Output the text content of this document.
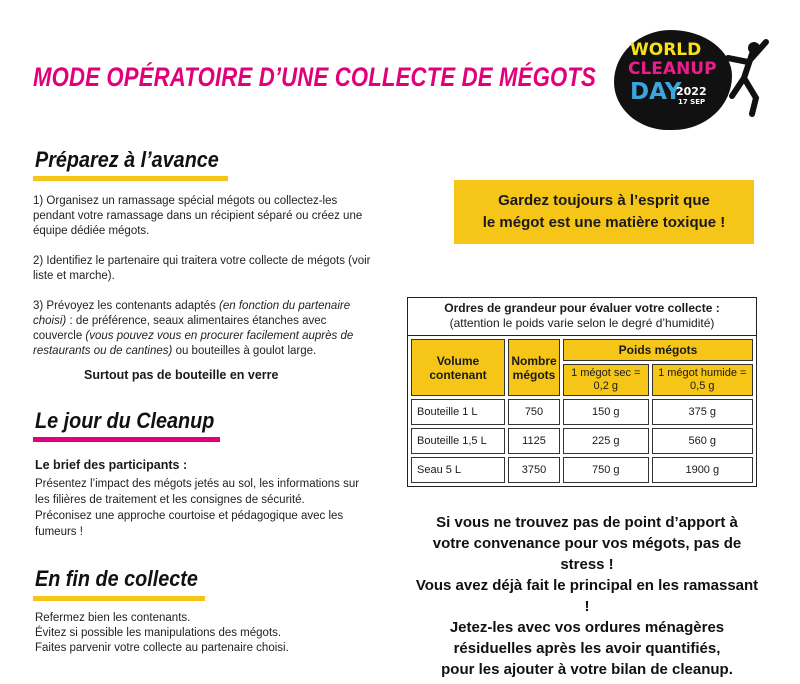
MODE OPÉRATOIRE D’UNE COLLECTE DE MÉGOTS
WORLD
CLEANUP
DAY
2022
17 SEP
Préparez à l’avance

1) Organisez un ramassage spécial mégots ou collectez-les pendant votre ramassage dans un récipient séparé ou créez une équipe dédiée mégots.

2) Identifiez le partenaire qui traitera votre collecte de mégots (voir liste et marche).

3) Prévoyez les contenants adaptés (en fonction du partenaire choisi) : de préférence, seaux alimentaires étanches avec couvercle (vous pouvez vous en procurer facilement auprès de restaurants ou de cantines) ou bouteilles à goulot large.

Surtout pas de bouteille en verre
Le jour du Cleanup
Le brief des participants :

Présentez l’impact des mégots jetés au sol, les informations sur les filières de traitement et les consignes de sécurité.

Préconisez une approche courtoise et pédagogique avec les fumeurs !

En fin de collecte

Refermez bien les contenants.

Évitez si possible les manipulations des mégots.

Faites parvenir votre collecte au partenaire choisi.

Gardez toujours à l’esprit que
le mégot est une matière toxique !
Ordres de grandeur pour évaluer votre collecte :
(attention le poids varie selon le degré d’humidité)
Volume contenant	Nombre mégots	Poids mégots	
		1 mégot sec = 0,2 g	1 mégot humide = 0,5 g
Bouteille 1 L	750	150 g	375 g
Bouteille 1,5 L	1125	225 g	560 g
Seau 5 L	3750	750 g	1900 g
Si vous ne trouvez pas de point d’apport à
votre convenance pour vos mégots, pas de stress !
Vous avez déjà fait le principal en les ramassant !
Jetez-les avec vos ordures ménagères
résiduelles après les avoir quantifiés,
pour les ajouter à votre bilan de cleanup.
